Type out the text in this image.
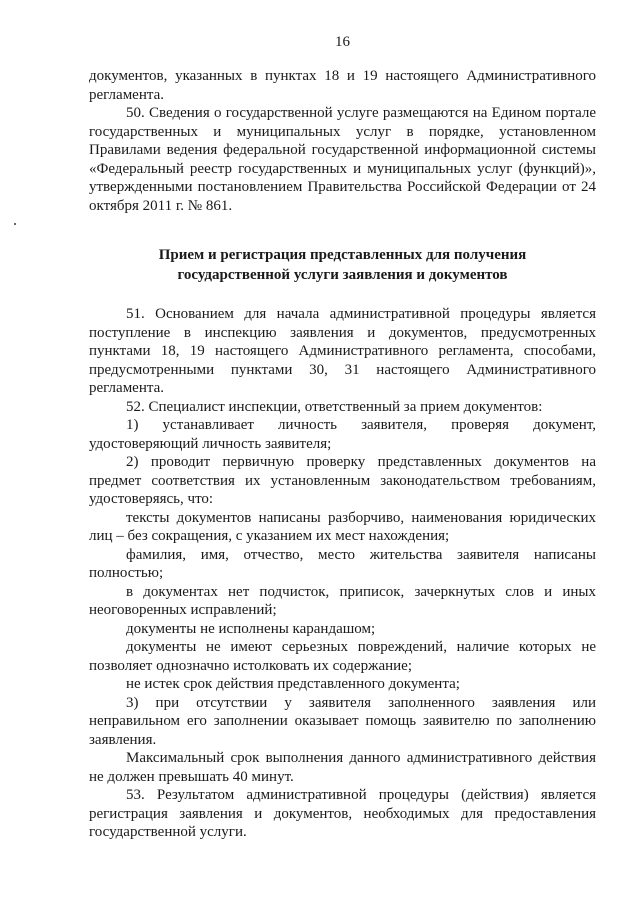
16

документов, указанных в пунктах 18 и 19 настоящего Административного регламента.

50. Сведения о государственной услуге размещаются на Едином портале государственных и муниципальных услуг в порядке, установленном Правилами ведения федеральной государственной информационной системы «Федеральный реестр государственных и муниципальных услуг (функций)», утвержденными постановлением Правительства Российской Федерации от 24 октября 2011 г. № 861.

Прием и регистрация представленных для получения

государственной услуги заявления и документов

51. Основанием для начала административной процедуры является поступление в инспекцию заявления и документов, предусмотренных пунктами 18, 19 настоящего Административного регламента, способами, предусмотренными пунктами 30, 31 настоящего Административного регламента.

52. Специалист инспекции, ответственный за прием документов:

1) устанавливает личность заявителя, проверяя документ, удостоверяющий личность заявителя;

2) проводит первичную проверку представленных документов на предмет соответствия их установленным законодательством требованиям, удостоверяясь, что:

тексты документов написаны разборчиво, наименования юридических лиц – без сокращения, с указанием их мест нахождения;

фамилия, имя, отчество, место жительства заявителя написаны полностью;

в документах нет подчисток, приписок, зачеркнутых слов и иных неоговоренных исправлений;

документы не исполнены карандашом;

документы не имеют серьезных повреждений, наличие которых не позволяет однозначно истолковать их содержание;

не истек срок действия представленного документа;

3) при отсутствии у заявителя заполненного заявления или неправильном его заполнении оказывает помощь заявителю по заполнению заявления.

Максимальный срок выполнения данного административного действия не должен превышать 40 минут.

53. Результатом административной процедуры (действия) является регистрация заявления и документов, необходимых для предоставления государственной услуги.
